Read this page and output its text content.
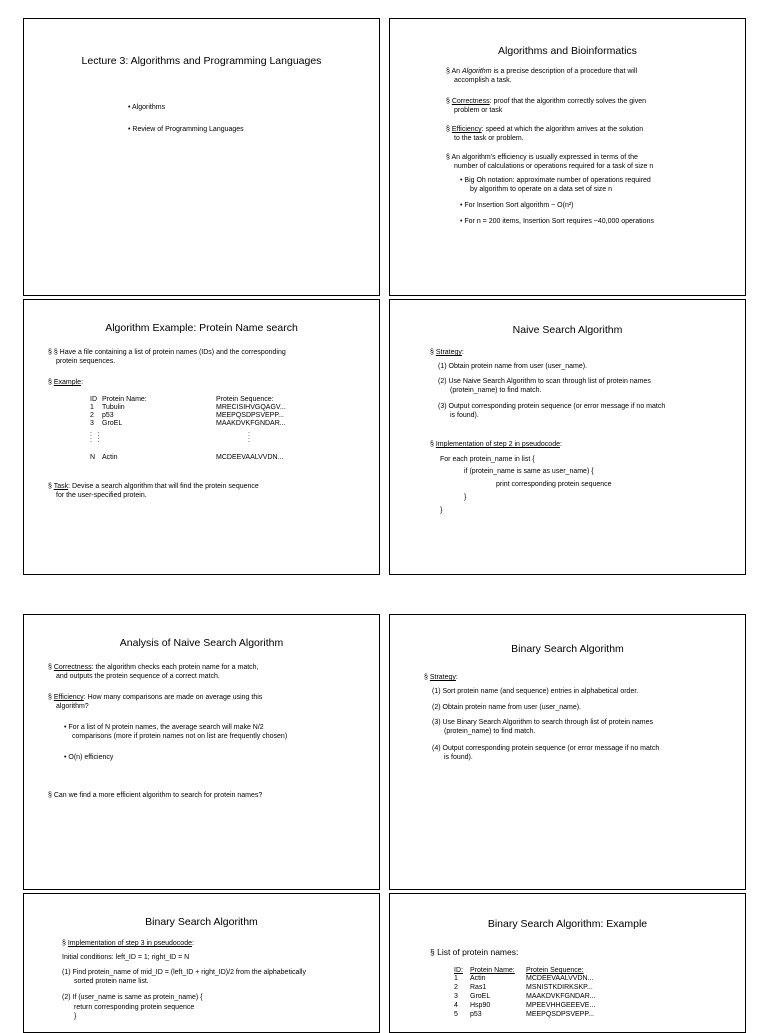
Lecture 3: Algorithms and Programming Languages
• Algorithms
• Review of Programming Languages
Algorithms and Bioinformatics
§ An Algorithm is a precise description of a procedure that will
accomplish a task.
§ Correctness: proof that the algorithm correctly solves the given
problem or task
§ Efficiency: speed at which the algorithm arrives at the solution
to the task or problem.
§ An algorithm's efficiency is usually expressed in terms of the
number of calculations or operations required for a task of size n
• Big Oh notation: approximate number of operations required
by algorithm to operate on a data set of size n
• For Insertion Sort algorithm ~ O(n²)
• For n = 200 items, Insertion Sort requires ~40,000 operations
Algorithm Example: Protein Name search
§ § Have a file containing a list of protein names (IDs) and the corresponding
protein sequences.
§ Example:
ID Protein Name:	Protein Sequence:
1 Tubulin	MRECISIHVGQAGV...
2 p53	MEEPQSDPSVEPP...
3 GroEL	MAAKDVKFGNDAR...
:   :
:   :
:
:
N Actin	MCDEEVAALVVDN...
§ Task: Devise a search algorithm that will find the protein sequence
for the user-specified protein.
Naive Search Algorithm
§ Strategy:
(1) Obtain protein name from user (user_name).
(2) Use Naive Search Algorithm to scan through list of protein names
(protein_name) to find match.
(3) Output corresponding protein sequence (or error message if no match
is found).
§ Implementation of step 2 in pseudocode:
For each protein_name in list {
if (protein_name is same as user_name) {
print corresponding protein sequence
}
}
Analysis of Naive Search Algorithm
§ Correctness: the algorithm checks each protein name for a match,
and outputs the protein sequence of a correct match.
§ Efficiency: How many comparisons are made on average using this
algorithm?
• For a list of N protein names, the average search will make N/2
comparisons (more if protein names not on list are frequently chosen)
• O(n) efficiency
§ Can we find a more efficient algorithm to search for protein names?
Binary Search Algorithm
§ Strategy:
(1) Sort protein name (and sequence) entries in alphabetical order.
(2) Obtain protein name from user (user_name).
(3) Use Binary Search Algorithm to search through list of protein names
(protein_name) to find match.
(4) Output corresponding protein sequence (or error message if no match
is found).
Binary Search Algorithm
§ Implementation of step 3 in pseudocode:
Initial conditions: left_ID = 1; right_ID = N
(1) Find protein_name of mid_ID = (left_ID + right_ID)/2 from the alphabetically
sorted protein name list.
(2) If (user_name is same as protein_name) {
return corresponding protein sequence
}
Binary Search Algorithm: Example
§ List of protein names:
ID: Protein Name: Protein Sequence:
1 Actin	MCDEEVAALVVDN...
2 Ras1	MSNISTKDIRKSKP...
3 GroEL	MAAKDVKFGNDAR...
4 Hsp90	MPEEVHHGEEEVE...
5 p53	MEEPQSDPSVEPP...
